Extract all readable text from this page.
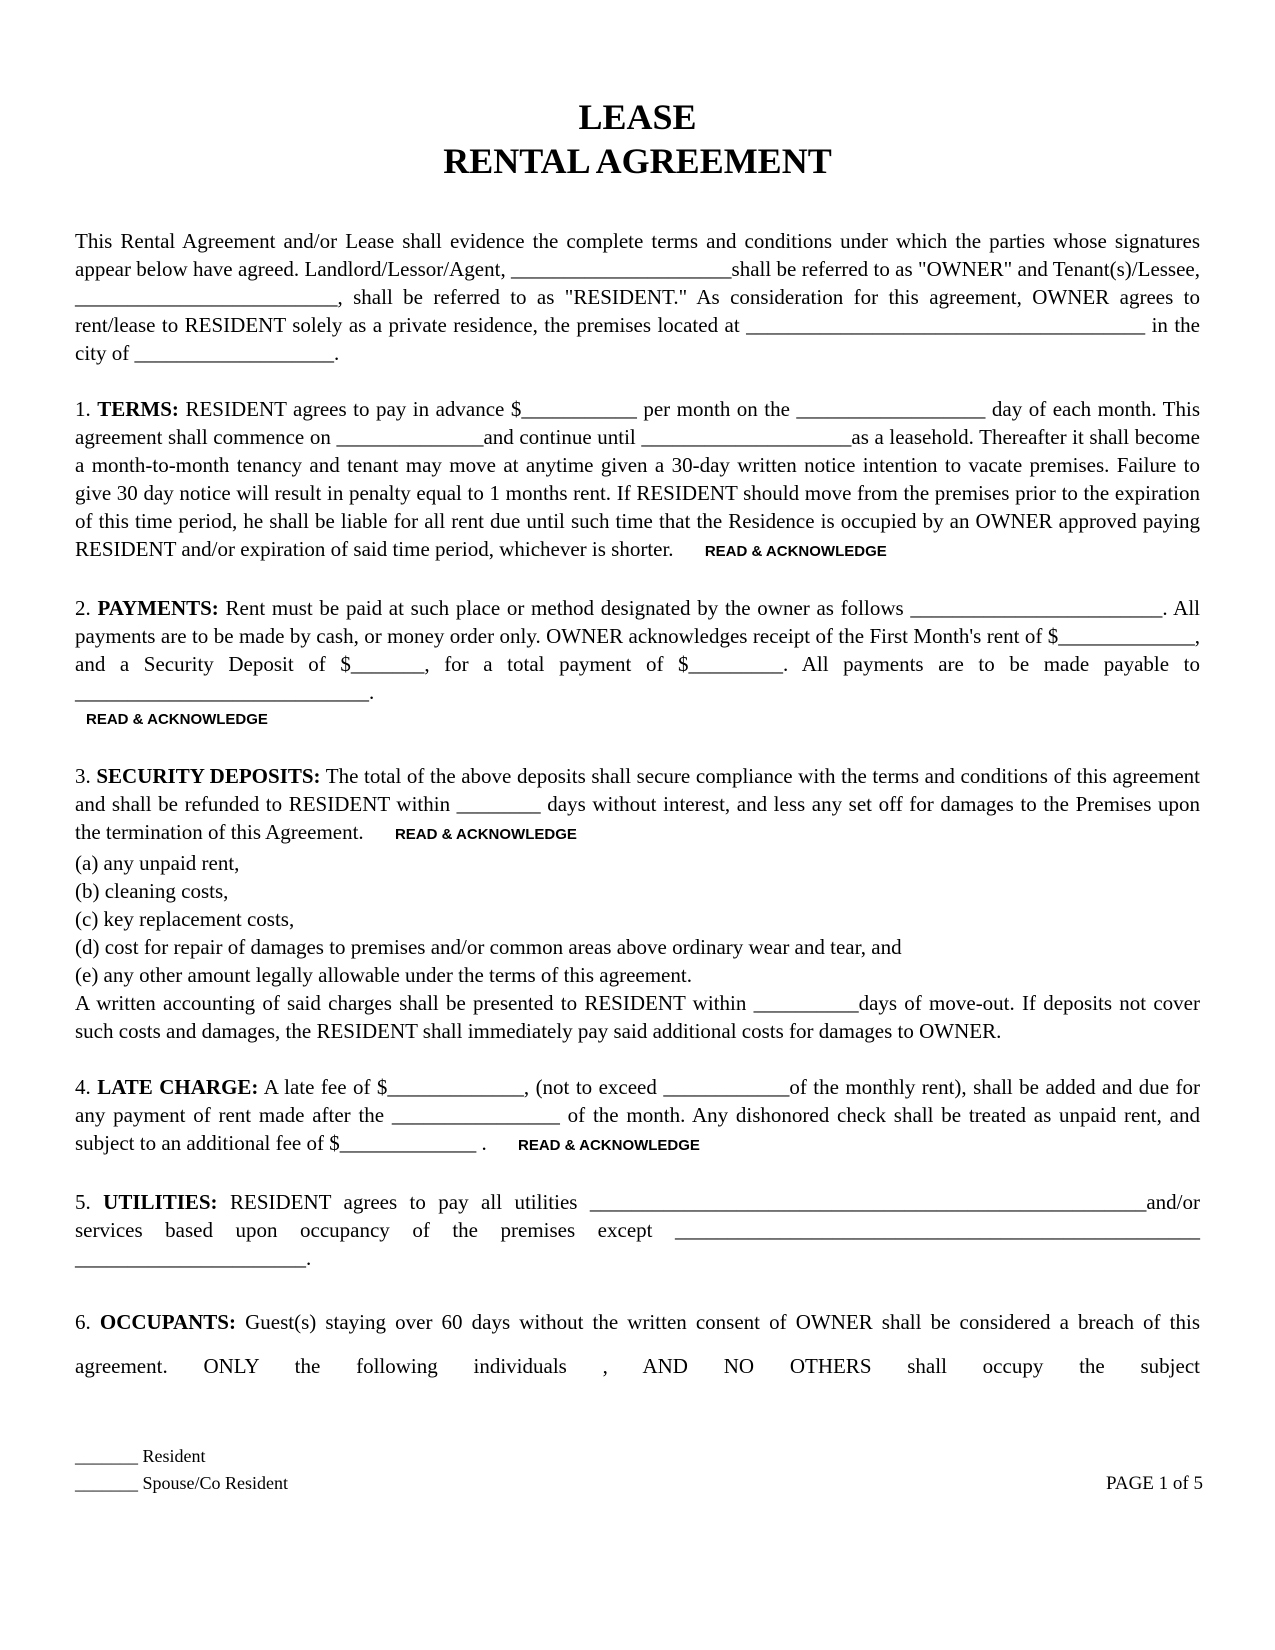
LEASE
RENTAL AGREEMENT
This Rental Agreement and/or Lease shall evidence the complete terms and conditions under which the parties whose signatures appear below have agreed. Landlord/Lessor/Agent, _____________________shall be referred to as "OWNER" and Tenant(s)/Lessee, _________________________, shall be referred to as "RESIDENT." As consideration for this agreement, OWNER agrees to rent/lease to RESIDENT solely as a private residence, the premises located at ______________________________________ in the city of ___________________.
1. TERMS: RESIDENT agrees to pay in advance $___________ per month on the __________________ day of each month. This agreement shall commence on ______________and continue until ____________________as a leasehold. Thereafter it shall become a month-to-month tenancy and tenant may move at anytime given a 30-day written notice intention to vacate premises. Failure to give 30 day notice will result in penalty equal to 1 months rent. If RESIDENT should move from the premises prior to the expiration of this time period, he shall be liable for all rent due until such time that the Residence is occupied by an OWNER approved paying RESIDENT and/or expiration of said time period, whichever is shorter. READ & ACKNOWLEDGE
2. PAYMENTS: Rent must be paid at such place or method designated by the owner as follows ________________________. All payments are to be made by cash, or money order only. OWNER acknowledges receipt of the First Month's rent of $_____________, and a Security Deposit of $_______, for a total payment of $_________. All payments are to be made payable to ____________________________.
READ & ACKNOWLEDGE
3. SECURITY DEPOSITS: The total of the above deposits shall secure compliance with the terms and conditions of this agreement and shall be refunded to RESIDENT within ________ days without interest, and less any set off for damages to the Premises upon the termination of this Agreement. READ & ACKNOWLEDGE
(a) any unpaid rent,
(b) cleaning costs,
(c) key replacement costs,
(d) cost for repair of damages to premises and/or common areas above ordinary wear and tear, and
(e) any other amount legally allowable under the terms of this agreement.
A written accounting of said charges shall be presented to RESIDENT within __________days of move-out. If deposits not cover such costs and damages, the RESIDENT shall immediately pay said additional costs for damages to OWNER.
4. LATE CHARGE: A late fee of $_____________, (not to exceed ____________of the monthly rent), shall be added and due for any payment of rent made after the ________________ of the month. Any dishonored check shall be treated as unpaid rent, and subject to an additional fee of $_____________ . READ & ACKNOWLEDGE
5. UTILITIES: RESIDENT agrees to pay all utilities _____________________________________________________and/or services based upon occupancy of the premises except __________________________________________________ ______________________.
6. OCCUPANTS: Guest(s) staying over 60 days without the written consent of OWNER shall be considered a breach of this agreement. ONLY the following individuals , AND NO OTHERS shall occupy the subject
_______ Resident
_______ Spouse/Co Resident	PAGE 1 of 5
